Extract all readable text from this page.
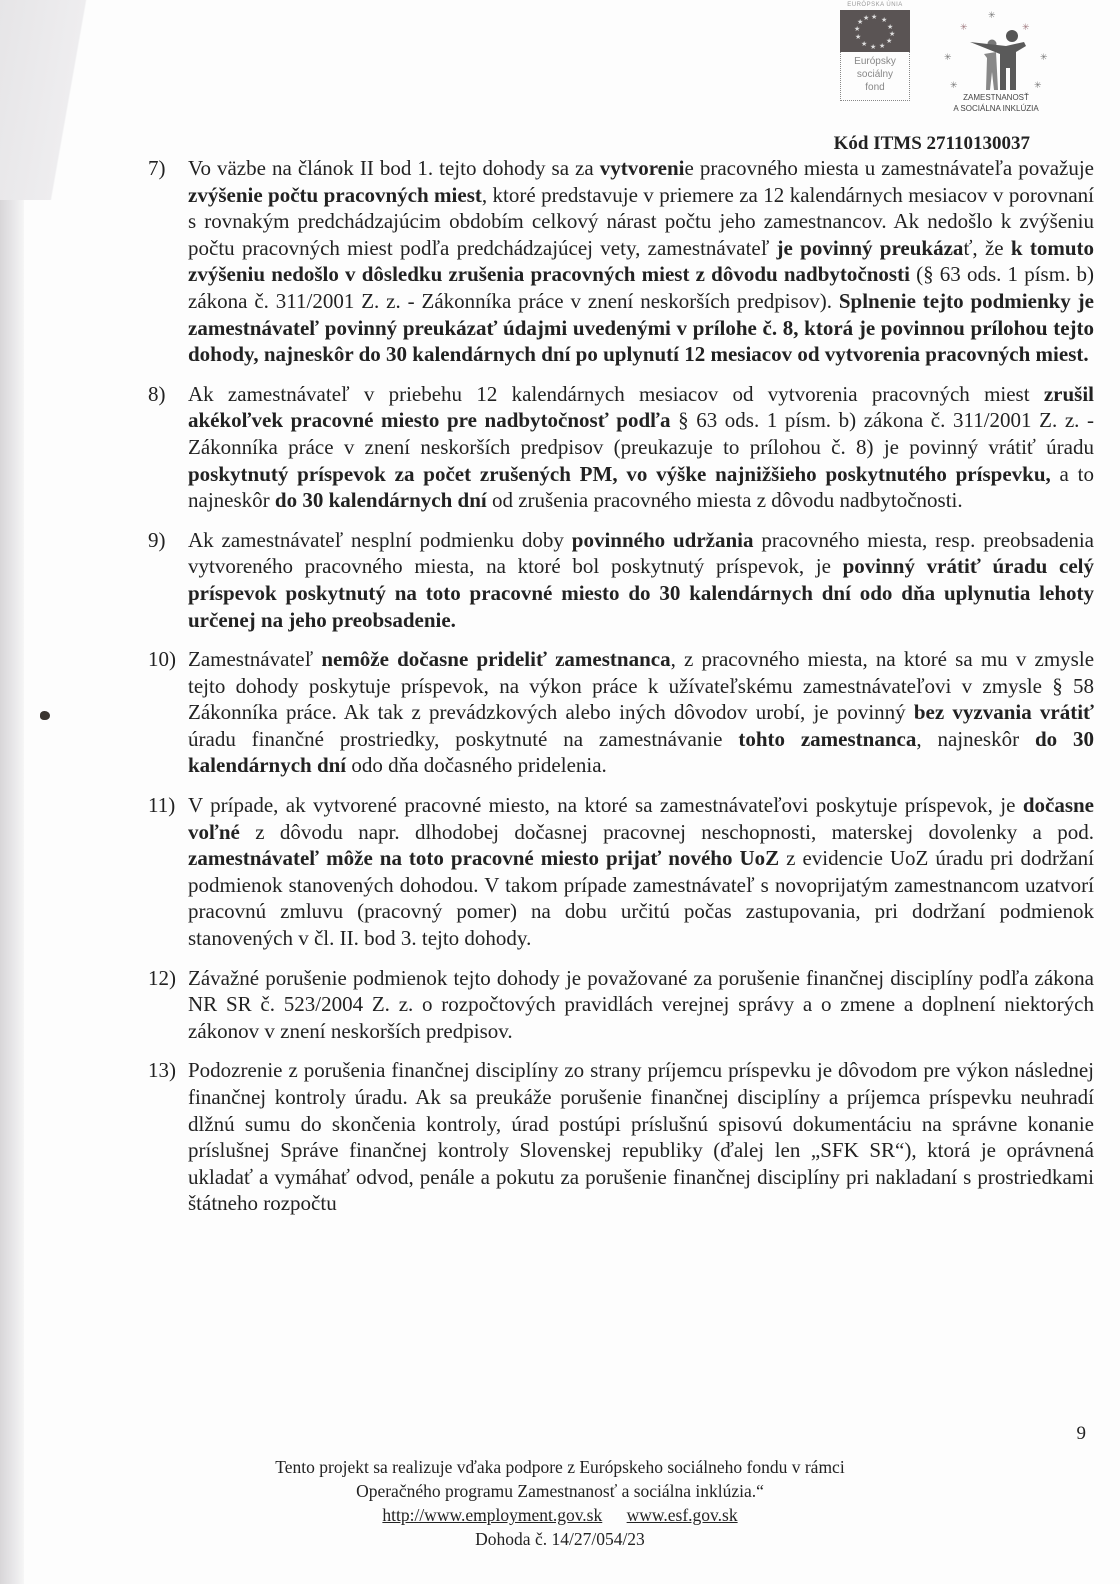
EURÓPSKA ÚNIA
★ ★
★
★
★
★
★
★
★
★
★ ★
Európsky
sociálny
fond
✳
✳	✳
✳	✳
✳	✳
ZAMESTNANOSŤ
A SOCIÁLNA INKLÚZIA
Kód ITMS 27110130037
7)	Vo väzbe na článok II bod 1. tejto dohody sa za vytvorenie pracovného miesta u zamestnávateľa považuje zvýšenie počtu pracovných miest, ktoré predstavuje v priemere za 12 kalendárnych mesiacov v porovnaní s rovnakým predchádzajúcim obdobím celkový nárast počtu jeho zamestnancov. Ak nedošlo k zvýšeniu počtu pracovných miest podľa predchádzajúcej vety, zamestnávateľ je povinný preukázať, že k tomuto zvýšeniu nedošlo v dôsledku zrušenia pracovných miest z dôvodu nadbytočnosti (§ 63 ods. 1 písm. b) zákona č. 311/2001 Z. z. - Zákonníka práce v znení neskorších predpisov). Splnenie tejto podmienky je zamestnávateľ povinný preukázať údajmi uvedenými v prílohe č. 8, ktorá je povinnou prílohou tejto dohody, najneskôr do 30 kalendárnych dní po uplynutí 12 mesiacov od vytvorenia pracovných miest.
8)	Ak zamestnávateľ v priebehu 12 kalendárnych mesiacov od vytvorenia pracovných miest zrušil akékoľvek pracovné miesto pre nadbytočnosť podľa § 63 ods. 1 písm. b) zákona č. 311/2001 Z. z. - Zákonníka práce v znení neskorších predpisov (preukazuje to prílohou č. 8) je povinný vrátiť úradu poskytnutý príspevok za počet zrušených PM, vo výške najnižšieho poskytnutého príspevku, a to najneskôr do 30 kalendárnych dní od zrušenia pracovného miesta z dôvodu nadbytočnosti.
9)	Ak zamestnávateľ nesplní podmienku doby povinného udržania pracovného miesta, resp. preobsadenia vytvoreného pracovného miesta, na ktoré bol poskytnutý príspevok, je povinný vrátiť úradu celý príspevok poskytnutý na toto pracovné miesto do 30 kalendárnych dní odo dňa uplynutia lehoty určenej na jeho preobsadenie.
10) Zamestnávateľ nemôže dočasne prideliť zamestnanca, z pracovného miesta, na ktoré sa mu v zmysle tejto dohody poskytuje príspevok, na výkon práce k užívateľskému zamestnávateľovi v zmysle § 58 Zákonníka práce. Ak tak z prevádzkových alebo iných dôvodov urobí, je povinný bez vyzvania vrátiť úradu finančné prostriedky, poskytnuté na zamestnávanie tohto zamestnanca, najneskôr do 30 kalendárnych dní odo dňa dočasného pridelenia.
11) V prípade, ak vytvorené pracovné miesto, na ktoré sa zamestnávateľovi poskytuje príspevok, je dočasne voľné z dôvodu napr. dlhodobej dočasnej pracovnej neschopnosti, materskej dovolenky a pod. zamestnávateľ môže na toto pracovné miesto prijať nového UoZ z evidencie UoZ úradu pri dodržaní podmienok stanovených dohodou. V takom prípade zamestnávateľ s novoprijatým zamestnancom uzatvorí pracovnú zmluvu (pracovný pomer) na dobu určitú počas zastupovania, pri dodržaní podmienok stanovených v čl. II. bod 3. tejto dohody.
12) Závažné porušenie podmienok tejto dohody je považované za porušenie finančnej disciplíny podľa zákona NR SR č. 523/2004 Z. z. o rozpočtových pravidlách verejnej správy a o zmene a doplnení niektorých zákonov v znení neskorších predpisov.
13) Podozrenie z porušenia finančnej disciplíny zo strany príjemcu príspevku je dôvodom pre výkon následnej finančnej kontroly úradu. Ak sa preukáže porušenie finančnej disciplíny a príjemca príspevku neuhradí dlžnú sumu do skončenia kontroly, úrad postúpi príslušnú spisovú dokumentáciu na správne konanie príslušnej Správe finančnej kontroly Slovenskej republiky (ďalej len „SFK SR“), ktorá je oprávnená ukladať a vymáhať odvod, penále a pokutu za porušenie finančnej disciplíny pri nakladaní s prostriedkami štátneho rozpočtu
9
Tento projekt sa realizuje vďaka podpore z Európskeho sociálneho fondu v rámci
Operačného programu Zamestnanosť a sociálna inklúzia.“
http://www.employment.gov.sk www.esf.gov.sk
Dohoda č. 14/27/054/23
